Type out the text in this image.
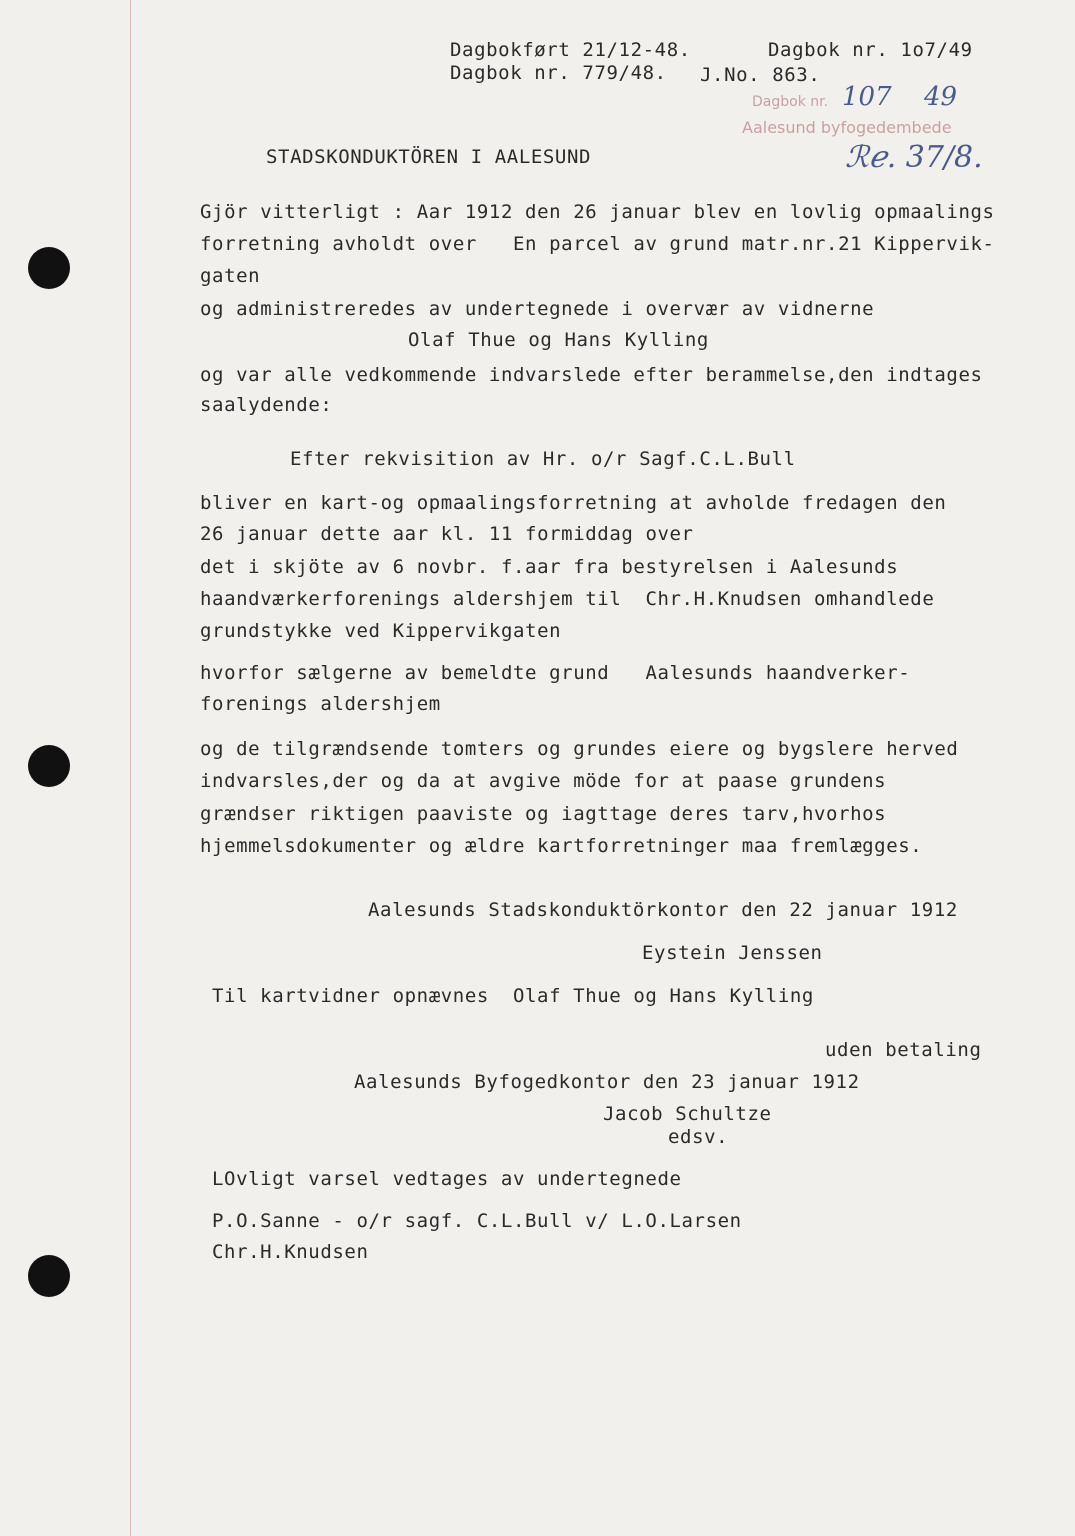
Dagbokført 21/12-48.	Dagbok nr. 1o7/49
Dagbok nr. 779/48. J.No. 863.
Dagbok nr.
Aalesund byfogedembede
107 49
ℛℯ. 37/8.
STADSKONDUKTÖREN I AALESUND
Gjör vitterligt : Aar 1912 den 26 januar blev en lovlig opmaalings
forretning avholdt over   En parcel av grund matr.nr.21 Kippervik-
gaten
og administreredes av undertegnede i overvær av vidnerne
Olaf Thue og Hans Kylling
og var alle vedkommende indvarslede efter berammelse,den indtages
saalydende:
Efter rekvisition av Hr. o/r Sagf.C.L.Bull
bliver en kart-og opmaalingsforretning at avholde fredagen den
26 januar dette aar kl. 11 formiddag over
det i skjöte av 6 novbr. f.aar fra bestyrelsen i Aalesunds
haandværkerforenings aldershjem til  Chr.H.Knudsen omhandlede
grundstykke ved Kippervikgaten
hvorfor sælgerne av bemeldte grund   Aalesunds haandverker-
forenings aldershjem
og de tilgrændsende tomters og grundes eiere og bygslere herved
indvarsles,der og da at avgive möde for at paase grundens
grændser riktigen paaviste og iagttage deres tarv,hvorhos
hjemmelsdokumenter og ældre kartforretninger maa fremlægges.
Aalesunds Stadskonduktörkontor den 22 januar 1912
Eystein Jenssen
Til kartvidner opnævnes  Olaf Thue og Hans Kylling
uden betaling
Aalesunds Byfogedkontor den 23 januar 1912
Jacob Schultze
edsv.
LOvligt varsel vedtages av undertegnede
P.O.Sanne - o/r sagf. C.L.Bull v/ L.O.Larsen
Chr.H.Knudsen
